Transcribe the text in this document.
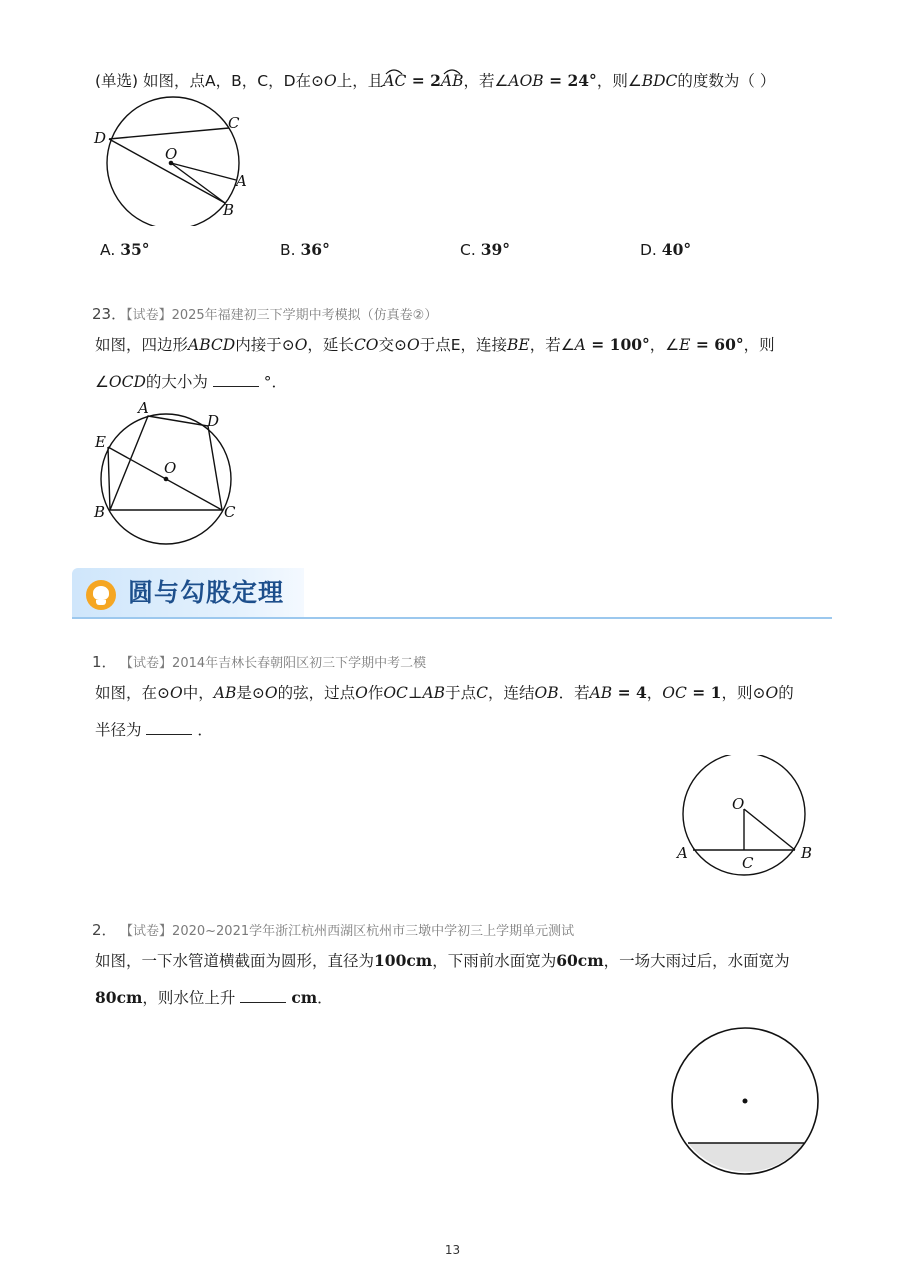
(单选) 如图，点A，B，C，D在⊙O上，且AC
= 2AB
，若∠AOB = 24°，则∠BDC的度数为（ ）
D
C
O
A
B
A. 35°	B. 36°	C. 39°	D. 40°
23．【试卷】2025年福建初三下学期中考模拟（仿真卷②）
如图，四边形ABCD内接于⊙O，延长CO交⊙O于点E，连接BE，若∠A = 100°，∠E = 60°，则
∠OCD的大小为	°．
A
D
E
O
B	C
圆与勾股定理
1． 【试卷】2014年吉林长春朝阳区初三下学期中考二模
如图，在⊙O中，AB是⊙O的弦，过点O作OC⊥AB于点C，连结OB．若AB = 4，OC = 1，则⊙O的
半径为	．
O
A
C
B
2． 【试卷】2020~2021学年浙江杭州西湖区杭州市三墩中学初三上学期单元测试
如图，一下水管道横截面为圆形，直径为100cm，下雨前水面宽为60cm，一场大雨过后，水面宽为
80cm，则水位上升	cm．
13
